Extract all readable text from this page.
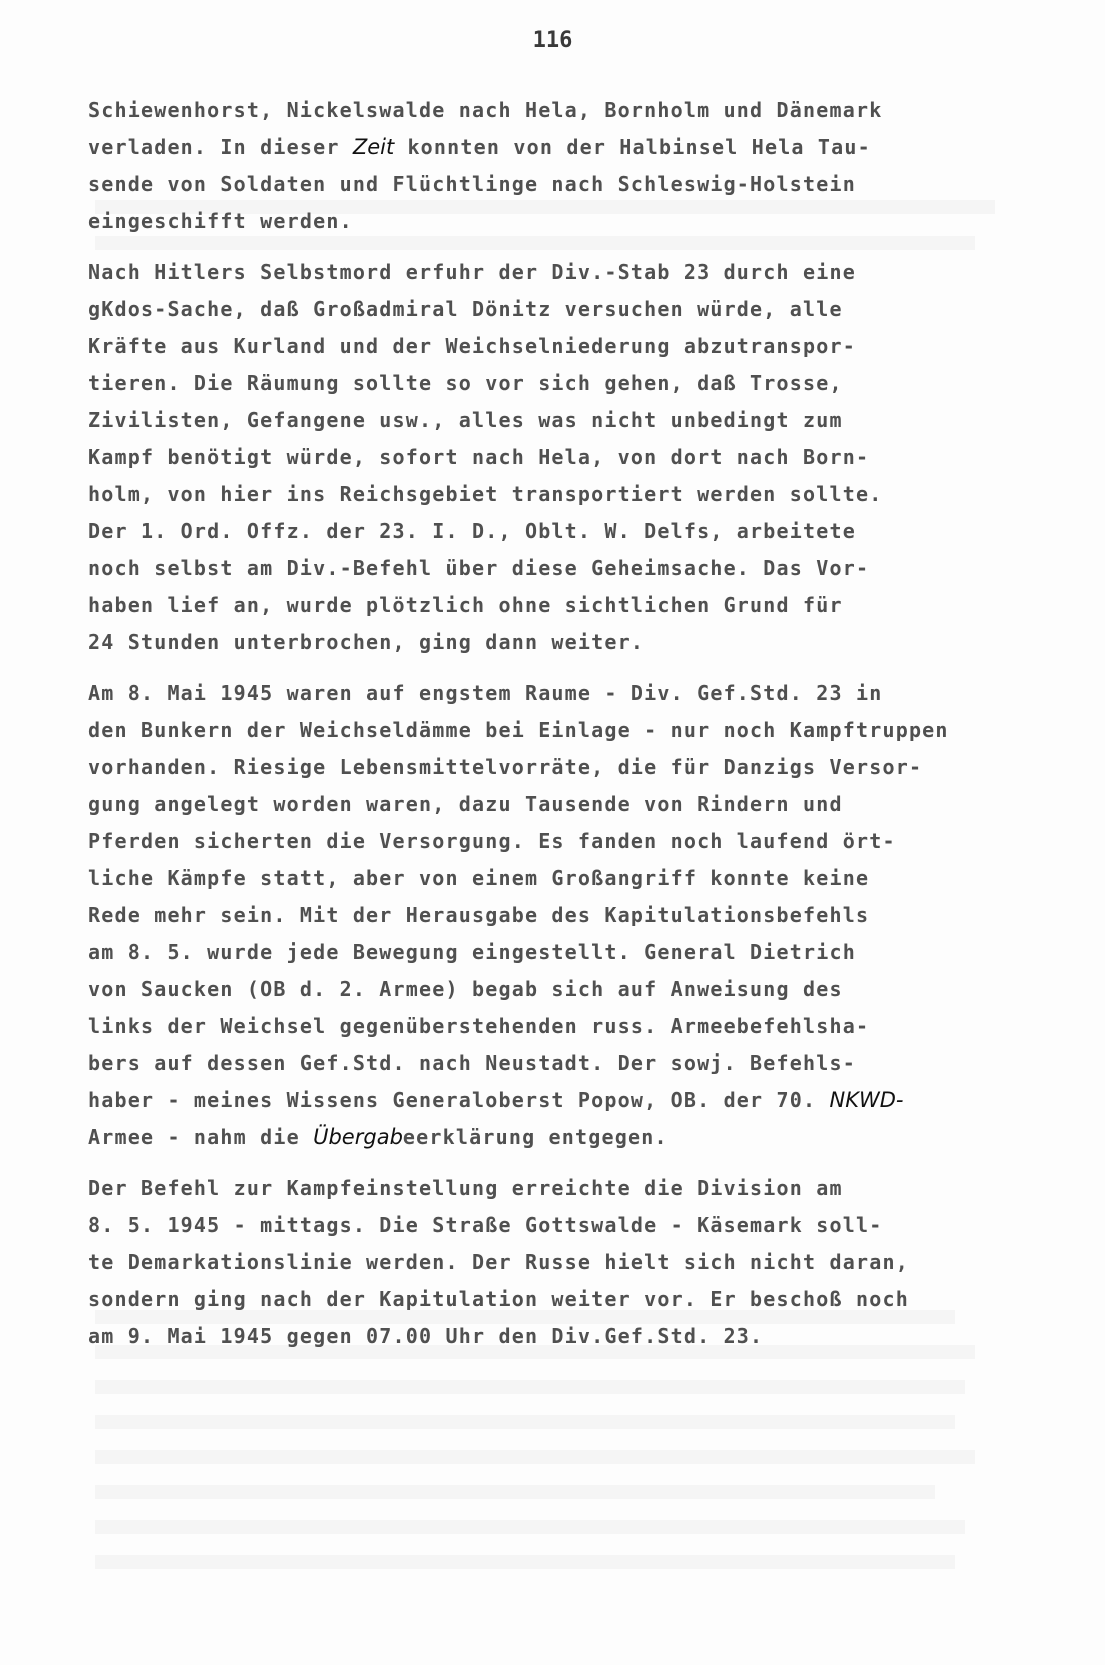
116
Schiewenhorst, Nickelswalde nach Hela, Bornholm und Dänemark
verladen. In dieser Zeit konnten von der Halbinsel Hela Tau-
sende von Soldaten und Flüchtlinge nach Schleswig-Holstein
eingeschifft werden.
Nach Hitlers Selbstmord erfuhr der Div.-Stab 23 durch eine
gKdos-Sache, daß Großadmiral Dönitz versuchen würde, alle
Kräfte aus Kurland und der Weichselniederung abzutranspor-
tieren. Die Räumung sollte so vor sich gehen, daß Trosse,
Zivilisten, Gefangene usw., alles was nicht unbedingt zum
Kampf benötigt würde, sofort nach Hela, von dort nach Born-
holm, von hier ins Reichsgebiet transportiert werden sollte.
Der 1. Ord. Offz. der 23. I. D., Oblt. W. Delfs, arbeitete
noch selbst am Div.-Befehl über diese Geheimsache. Das Vor-
haben lief an, wurde plötzlich ohne sichtlichen Grund für
24 Stunden unterbrochen, ging dann weiter.
Am 8. Mai 1945 waren auf engstem Raume - Div. Gef.Std. 23 in
den Bunkern der Weichseldämme bei Einlage - nur noch Kampftruppen
vorhanden. Riesige Lebensmittelvorräte, die für Danzigs Versor-
gung angelegt worden waren, dazu Tausende von Rindern und
Pferden sicherten die Versorgung. Es fanden noch laufend ört-
liche Kämpfe statt, aber von einem Großangriff konnte keine
Rede mehr sein. Mit der Herausgabe des Kapitulationsbefehls
am 8. 5. wurde jede Bewegung eingestellt. General Dietrich
von Saucken (OB d. 2. Armee) begab sich auf Anweisung des
links der Weichsel gegenüberstehenden russ. Armeebefehlsha-
bers auf dessen Gef.Std. nach Neustadt. Der sowj. Befehls-
haber - meines Wissens Generaloberst Popow, OB. der 70. NKWD-
Armee - nahm die Übergabeerklärung entgegen.
Der Befehl zur Kampfeinstellung erreichte die Division am
8. 5. 1945 - mittags. Die Straße Gottswalde - Käsemark soll-
te Demarkationslinie werden. Der Russe hielt sich nicht daran,
sondern ging nach der Kapitulation weiter vor. Er beschoß noch
am 9. Mai 1945 gegen 07.00 Uhr den Div.Gef.Std. 23.
